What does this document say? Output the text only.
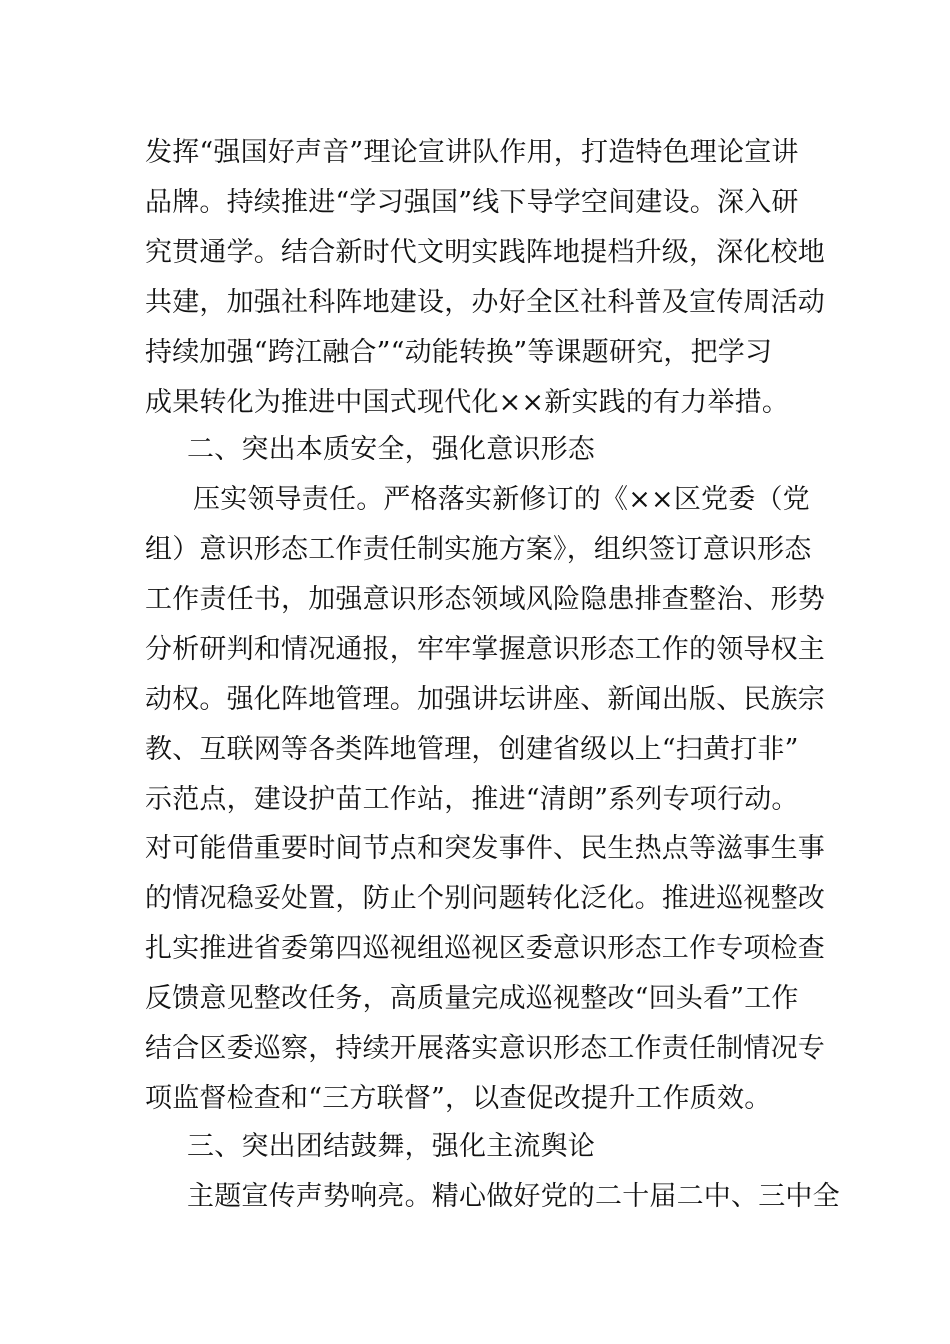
发挥“强国好声音”理论宣讲队作用，打造特色理论宣讲
品牌。持续推进“学习强国”线下导学空间建设。深入研
究贯通学。结合新时代文明实践阵地提档升级，深化校地
共建，加强社科阵地建设，办好全区社科普及宣传周活动
持续加强“跨江融合”“动能转换”等课题研究，把学习
成果转化为推进中国式现代化××新实践的有力举措。
二、突出本质安全，强化意识形态
压实领导责任。严格落实新修订的《××区党委（党
组）意识形态工作责任制实施方案》，组织签订意识形态
工作责任书，加强意识形态领域风险隐患排查整治、形势
分析研判和情况通报，牢牢掌握意识形态工作的领导权主
动权。强化阵地管理。加强讲坛讲座、新闻出版、民族宗
教、互联网等各类阵地管理，创建省级以上“扫黄打非”
示范点，建设护苗工作站，推进“清朗”系列专项行动。
对可能借重要时间节点和突发事件、民生热点等滋事生事
的情况稳妥处置，防止个别问题转化泛化。推进巡视整改
扎实推进省委第四巡视组巡视区委意识形态工作专项检查
反馈意见整改任务，高质量完成巡视整改“回头看”工作
结合区委巡察，持续开展落实意识形态工作责任制情况专
项监督检查和“三方联督”，以查促改提升工作质效。
三、突出团结鼓舞，强化主流舆论
主题宣传声势响亮。精心做好党的二十届二中、三中全
